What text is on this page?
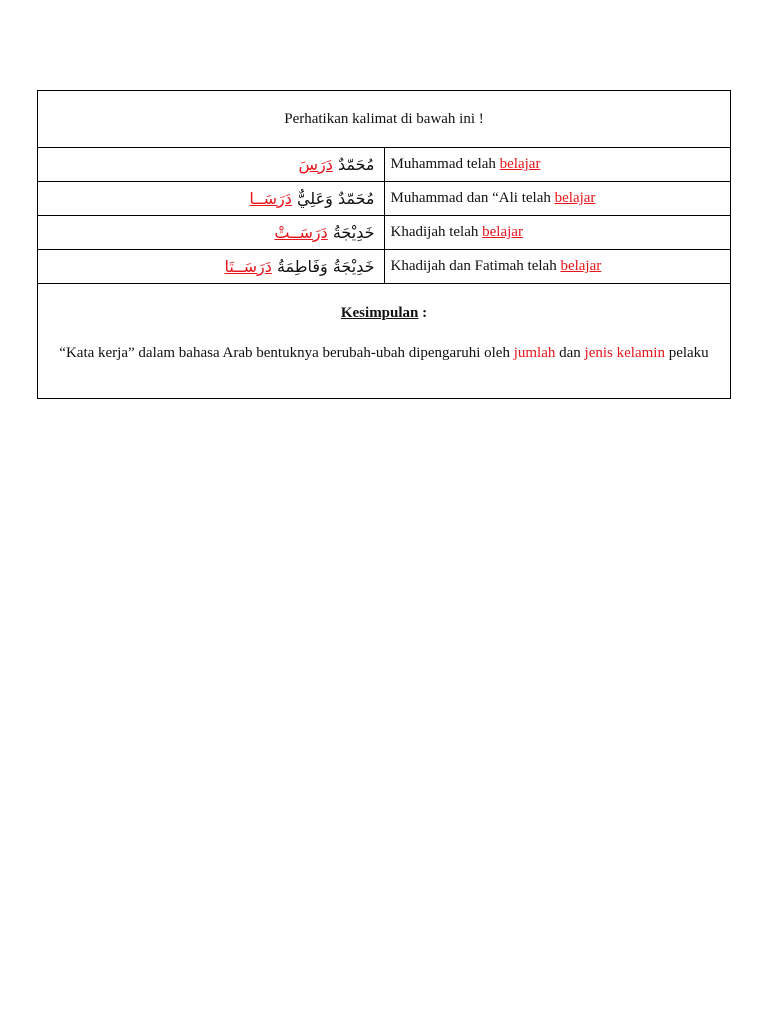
Perhatikan kalimat di bawah ini !	
مُحَمّدٌ دَرَسَ	Muhammad telah belajar
مُحَمّدٌ وَعَلِيٌّ دَرَسَــا	Muhammad dan “Ali telah belajar
خَدِيْجَةُ دَرَسَــتْ	Khadijah telah belajar
خَدِيْجَةُ وَفَاطِمَةُ دَرَسَــتَا	Khadijah dan Fatimah telah belajar

Kesimpulan :

“Kata kerja” dalam bahasa Arab bentuknya berubah-ubah dipengaruhi oleh jumlah dan jenis kelamin pelaku	
